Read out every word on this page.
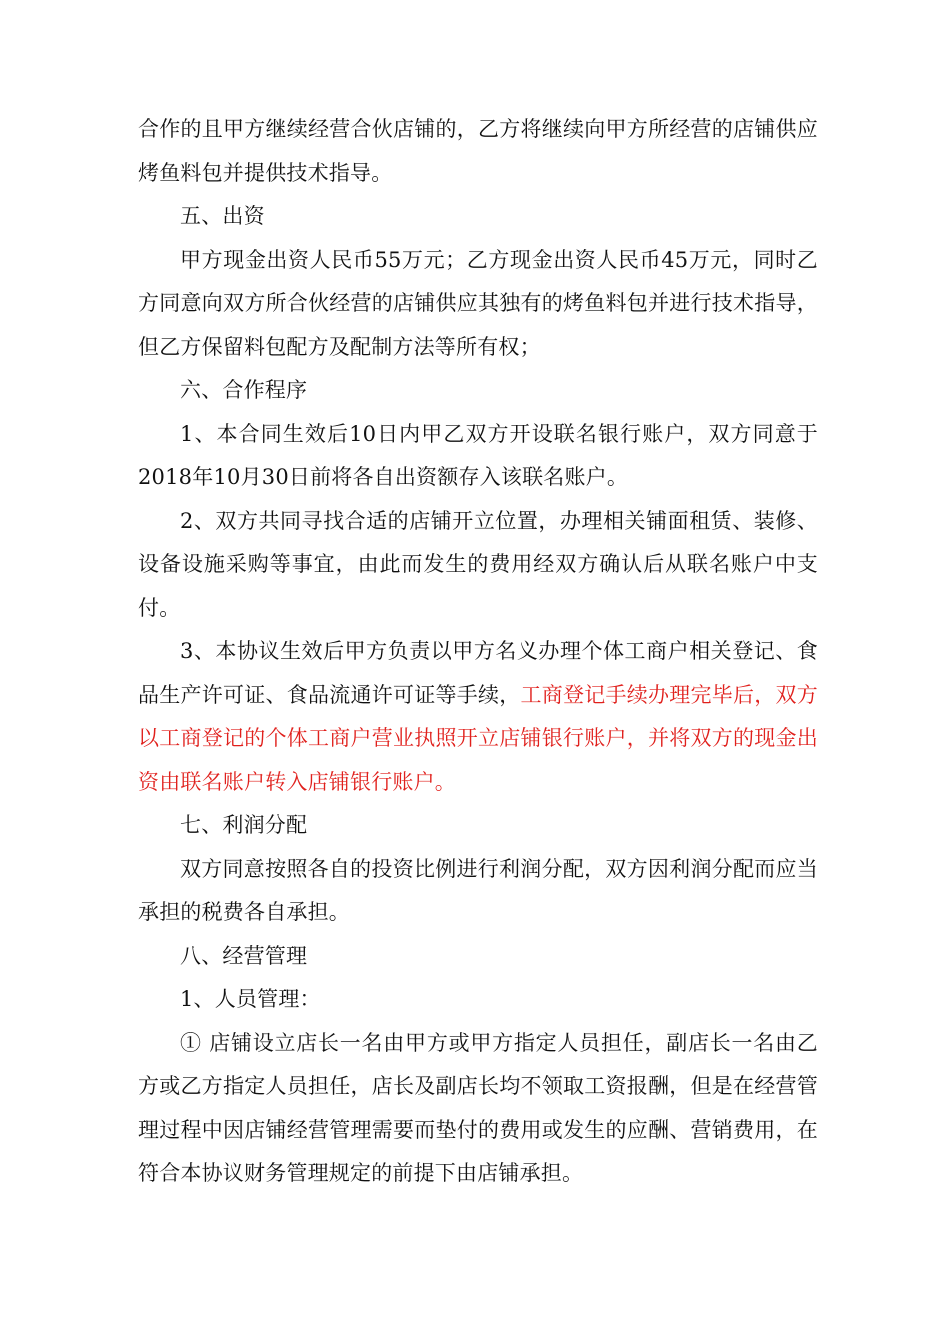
合作的且甲方继续经营合伙店铺的，乙方将继续向甲方所经营的店铺供应烤鱼料包并提供技术指导。

五、出资

甲方现金出资人民币55万元；乙方现金出资人民币45万元，同时乙方同意向双方所合伙经营的店铺供应其独有的烤鱼料包并进行技术指导，但乙方保留料包配方及配制方法等所有权；

六、合作程序

1、本合同生效后10日内甲乙双方开设联名银行账户，双方同意于2018年10月30日前将各自出资额存入该联名账户。

2、双方共同寻找合适的店铺开立位置，办理相关铺面租赁、装修、设备设施采购等事宜，由此而发生的费用经双方确认后从联名账户中支付。

3、本协议生效后甲方负责以甲方名义办理个体工商户相关登记、食品生产许可证、食品流通许可证等手续，工商登记手续办理完毕后，双方以工商登记的个体工商户营业执照开立店铺银行账户，并将双方的现金出资由联名账户转入店铺银行账户。

七、利润分配

双方同意按照各自的投资比例进行利润分配，双方因利润分配而应当承担的税费各自承担。

八、经营管理

1、人员管理：

① 店铺设立店长一名由甲方或甲方指定人员担任，副店长一名由乙方或乙方指定人员担任，店长及副店长均不领取工资报酬，但是在经营管理过程中因店铺经营管理需要而垫付的费用或发生的应酬、营销费用，在符合本协议财务管理规定的前提下由店铺承担。
